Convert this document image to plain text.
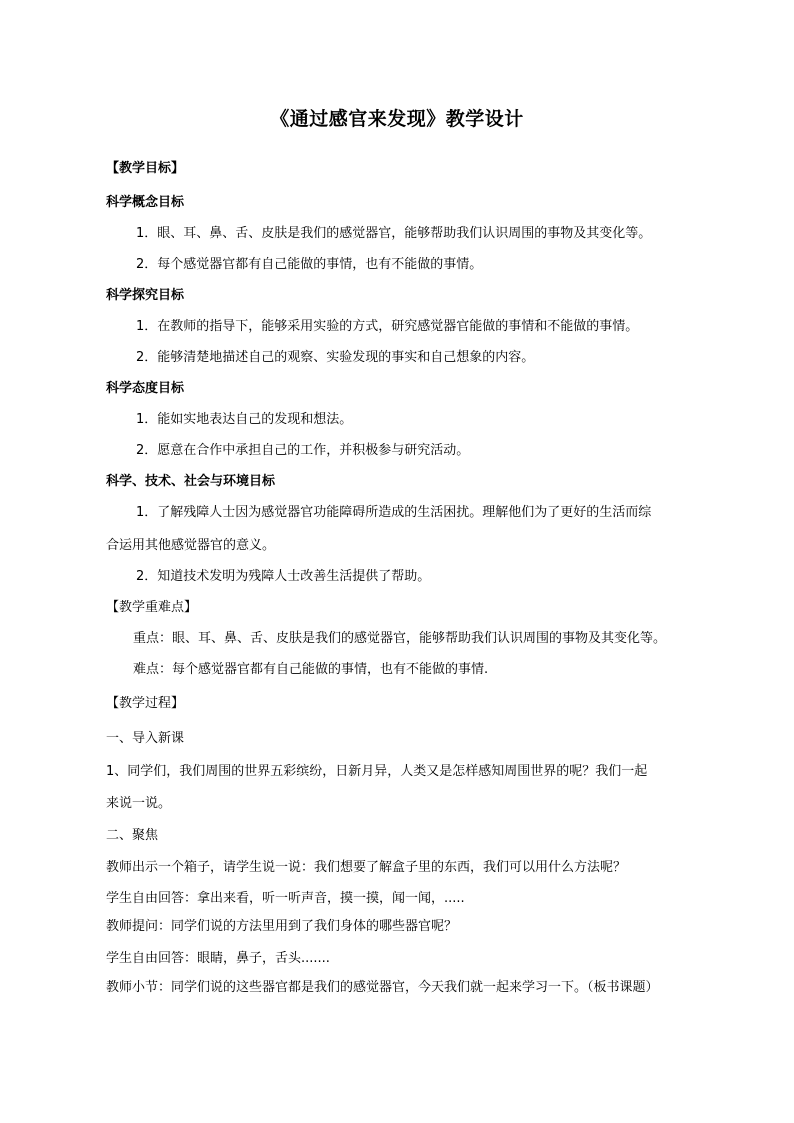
《通过感官来发现》教学设计
【教学目标】
科学概念目标
1．眼、耳、鼻、舌、皮肤是我们的感觉器官，能够帮助我们认识周围的事物及其变化等。
2．每个感觉器官都有自己能做的事情，也有不能做的事情。
科学探究目标
1．在教师的指导下，能够采用实验的方式，研究感觉器官能做的事情和不能做的事情。
2．能够清楚地描述自己的观察、实验发现的事实和自己想象的内容。
科学态度目标
1．能如实地表达自己的发现和想法。
2．愿意在合作中承担自己的工作，并积极参与研究活动。
科学、技术、社会与环境目标
1．了解残障人士因为感觉器官功能障碍所造成的生活困扰。理解他们为了更好的生活而综
合运用其他感觉器官的意义。
2．知道技术发明为残障人士改善生活提供了帮助。
【教学重难点】
重点：眼、耳、鼻、舌、皮肤是我们的感觉器官，能够帮助我们认识周围的事物及其变化等。
难点：每个感觉器官都有自己能做的事情，也有不能做的事情.
【教学过程】
一、导入新课
1、同学们，我们周围的世界五彩缤纷，日新月异，人类又是怎样感知周围世界的呢？我们一起
来说一说。
二、聚焦
教师出示一个箱子，请学生说一说：我们想要了解盒子里的东西，我们可以用什么方法呢？
学生自由回答：拿出来看，听一听声音，摸一摸，闻一闻，.....
教师提问：同学们说的方法里用到了我们身体的哪些器官呢？
学生自由回答：眼睛，鼻子，舌头.......
教师小节：同学们说的这些器官都是我们的感觉器官，今天我们就一起来学习一下。（板书课题）
